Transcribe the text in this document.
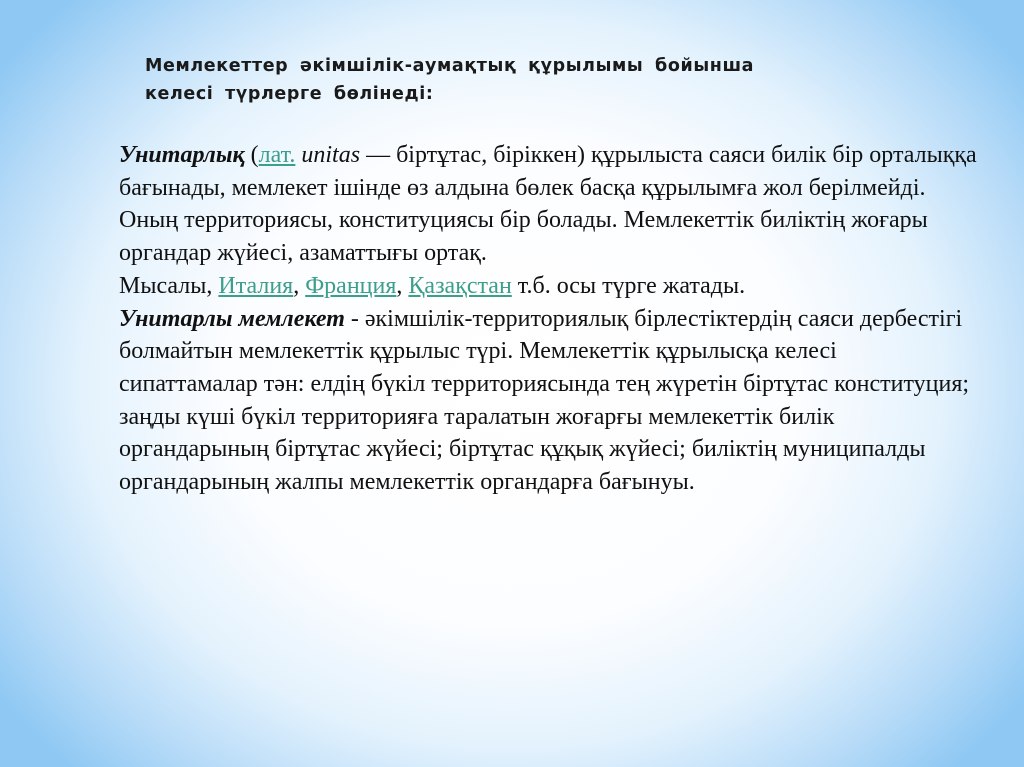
Мемлекеттер әкімшілік-аумақтық құрылымы бойынша
келесі түрлерге бөлінеді:

Унитарлық (лат. unitas — біртұтас, біріккен) құрылыста саяси билік бір орталыққа бағынады, мемлекет ішінде өз алдына бөлек басқа құрылымға жол берілмейді. Оның территориясы, конституциясы бір болады. Мемлекеттік биліктің жоғары органдар жүйесі, азаматтығы ортақ.

Мысалы, Италия, Франция, Қазақстан т.б. осы түрге жатады.

Унитарлы мемлекет - әкімшілік-территориялық бірлестіктердің саяси дербестігі болмайтын мемлекеттік құрылыс түрі. Мемлекеттік құрылысқа келесі сипаттамалар тән: елдің бүкіл территориясында тең жүретін біртұтас конституция; заңды күші бүкіл территорияға таралатын жоғарғы мемлекеттік билік органдарының біртұтас жүйесі; біртұтас құқық жүйесі; биліктің муниципалды органдарының жалпы мемлекеттік органдарға бағынуы.
